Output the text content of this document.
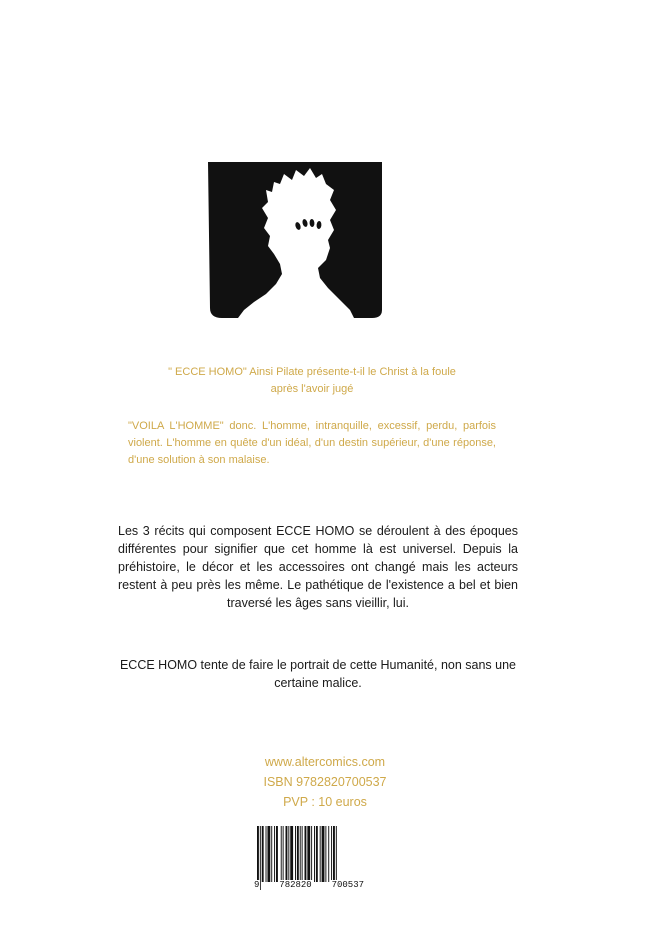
" ECCE HOMO" Ainsi Pilate présente-t-il le Christ à la foule
après l'avoir jugé
"VOILA L'HOMME" donc. L'homme, intranquille, excessif, perdu, parfois violent. L'homme en quête d'un idéal, d'un destin supérieur, d'une réponse, d'une solution à son malaise.
Les 3 récits qui composent ECCE HOMO se déroulent à des époques différentes pour signifier que cet homme là est universel. Depuis la préhistoire, le décor et les accessoires ont changé mais les acteurs restent à peu près les même. Le pathétique de l'existence a bel et bien traversé les âges sans vieillir, lui.
ECCE HOMO tente de faire le portrait de cette Humanité, non sans une certaine malice.
www.altercomics.com
ISBN 9782820700537
PVP : 10 euros
9 782820 700537
